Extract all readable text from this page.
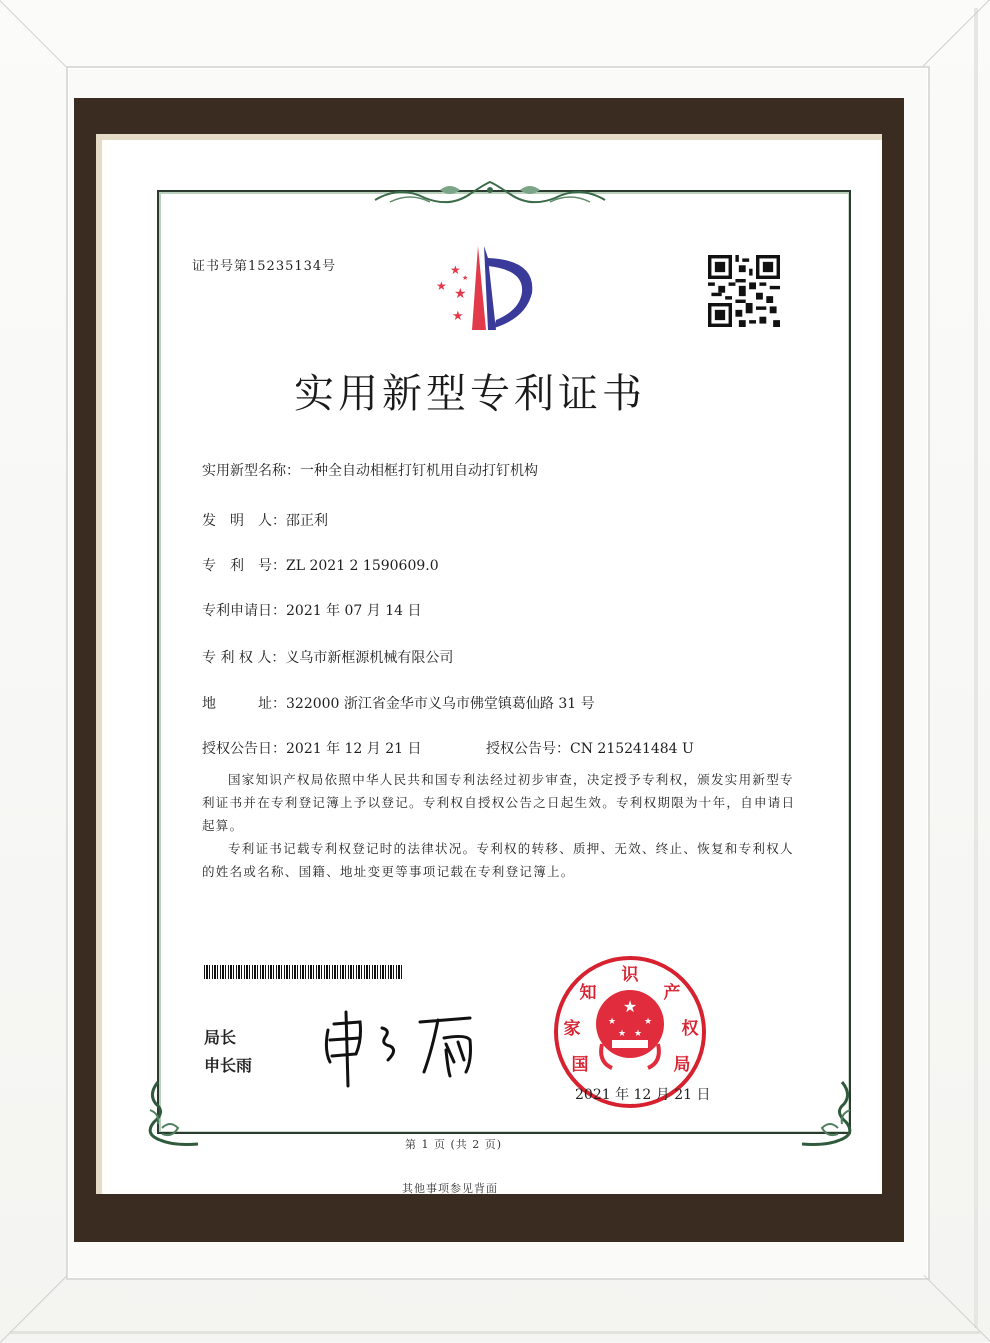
证书号第15235134号	★
★ ★
★
★
实用新型专利证书
实用新型名称：一种全自动相框打钉机用自动打钉机构
发　明　人：邵正利
专　利　号：ZL 2021 2 1590609.0
专利申请日：2021 年 07 月 14 日
专 利 权 人：义乌市新框源机械有限公司
地　　　址：322000 浙江省金华市义乌市佛堂镇葛仙路 31 号
授权公告日：2021 年 12 月 21 日	授权公告号：CN 215241484 U
国家知识产权局依照中华人民共和国专利法经过初步审查，决定授予专利权，颁发实用新型专利证书并在专利登记簿上予以登记。专利权自授权公告之日起生效。专利权期限为十年，自申请日起算。
专利证书记载专利权登记时的法律状况。专利权的转移、质押、无效、终止、恢复和专利权人的姓名或名称、国籍、地址变更等事项记载在专利登记簿上。
局长
申长雨
★
★	★
★ ★
国
家
知
识
产
权
局
2021 年 12 月 21 日
第 1 页 (共 2 页)
其他事项参见背面
